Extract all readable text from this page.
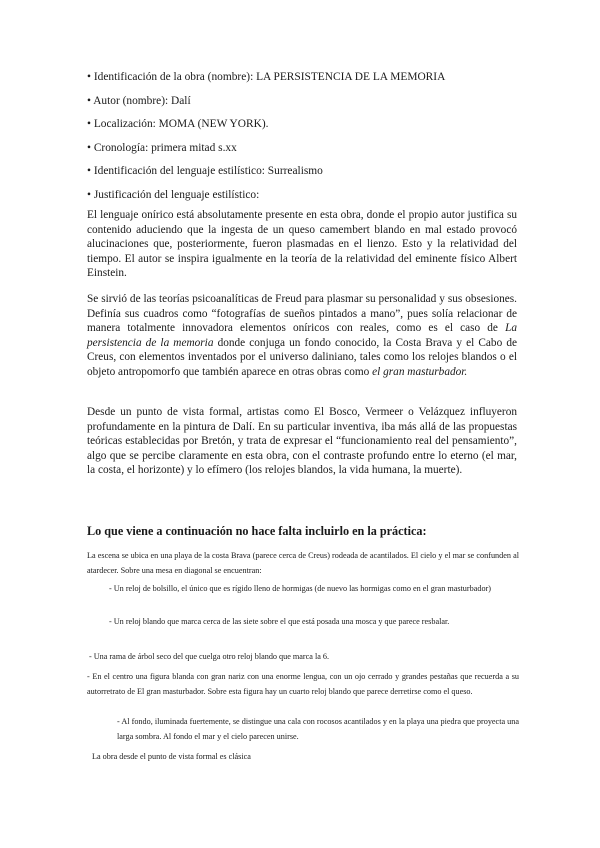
• Identificación de la obra (nombre): LA PERSISTENCIA DE LA MEMORIA

• Autor (nombre): Dalí

• Localización: MOMA (NEW YORK).

• Cronología: primera mitad s.xx

• Identificación del lenguaje estilístico: Surrealismo

• Justificación del lenguaje estilístico:

El lenguaje onírico está absolutamente presente en esta obra, donde el propio autor justifica su contenido aduciendo que la ingesta de un queso camembert blando en mal estado provocó alucinaciones que, posteriormente, fueron plasmadas en el lienzo. Esto y la relatividad del tiempo. El autor se inspira igualmente en la teoría de la relatividad del eminente físico Albert Einstein.

Se sirvió de las teorías psicoanalíticas de Freud para plasmar su personalidad y sus obsesiones. Definía sus cuadros como “fotografías de sueños pintados a mano”, pues solía relacionar de manera totalmente innovadora elementos oníricos con reales, como es el caso de La persistencia de la memoria donde conjuga un fondo conocido, la Costa Brava y el Cabo de Creus, con elementos inventados por el universo daliniano, tales como los relojes blandos o el objeto antropomorfo que también aparece en otras obras como el gran masturbador.

Desde un punto de vista formal, artistas como El Bosco, Vermeer o Velázquez influyeron profundamente en la pintura de Dalí. En su particular inventiva, iba más allá de las propuestas teóricas establecidas por Bretón, y trata de expresar el “funcionamiento real del pensamiento”, algo que se percibe claramente en esta obra, con el contraste profundo entre lo eterno (el mar, la costa, el horizonte) y lo efímero (los relojes blandos, la vida humana, la muerte).

Lo que viene a continuación no hace falta incluirlo en la práctica:

La escena se ubica en una playa de la costa Brava (parece cerca de Creus) rodeada de acantilados. El cielo y el mar se confunden al atardecer. Sobre una mesa en diagonal se encuentran:

- Un reloj de bolsillo, el único que es rígido lleno de hormigas (de nuevo las hormigas como en el gran masturbador)

- Un reloj blando que marca cerca de las siete sobre el que está posada una mosca y que parece resbalar.

- Una rama de árbol seco del que cuelga otro reloj blando que marca la 6.

- En el centro una figura blanda con gran nariz con una enorme lengua, con un ojo cerrado y grandes pestañas que recuerda a su autorretrato de El gran masturbador. Sobre esta figura hay un cuarto reloj blando que parece derretirse como el queso.

- Al fondo, iluminada fuertemente, se distingue una cala con rocosos acantilados y en la playa una piedra que proyecta una larga sombra. Al fondo el mar y el cielo parecen unirse.

La obra desde el punto de vista formal es clásica
